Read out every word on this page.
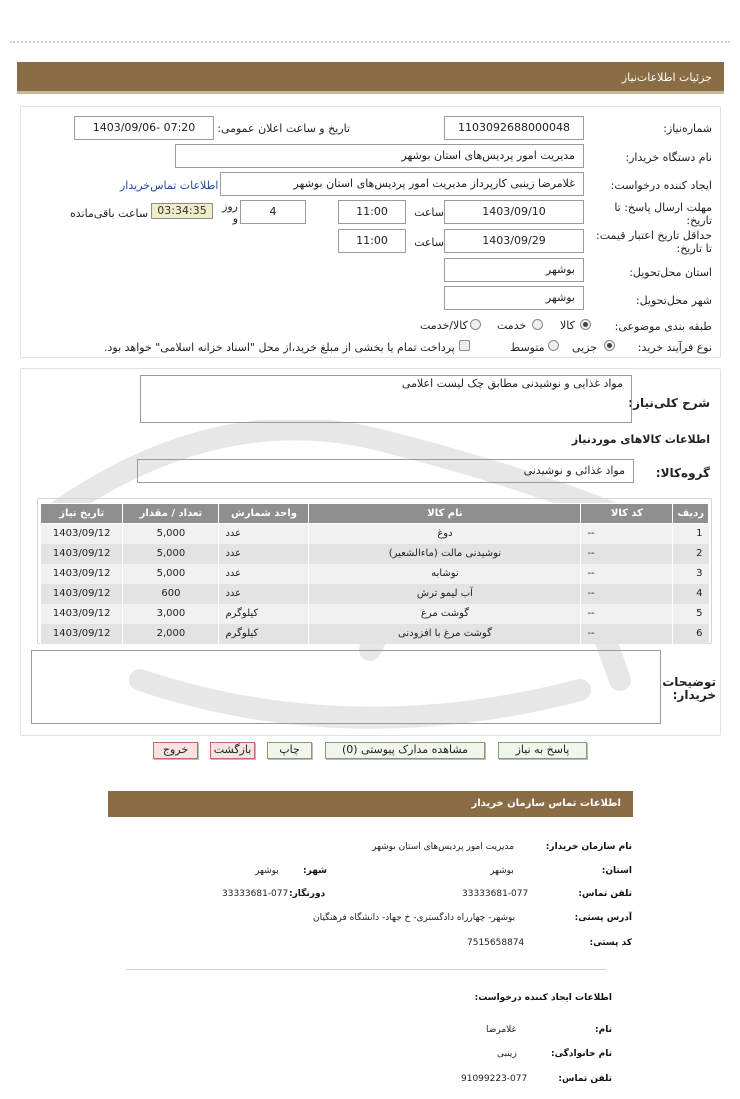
جزئیات اطلاعات‌نیاز
شماره‌نیاز:
1103092688000048
تاریخ و ساعت اعلان عمومی:
1403/09/06- 07:20
نام دستگاه خریدار:
مدیریت امور پردیس‌های استان بوشهر
ایجاد کننده درخواست:
غلامرضا زینبی کارپرداز مدیریت امور پردیس‌های استان بوشهر
اطلاعات تماس‌خریدار
مهلت ارسال پاسخ: تا تاریخ:
1403/09/10
ساعت
11:00
4
روز و
03:34:35
ساعت باقی‌مانده
حداقل تاریخ اعتبار قیمت: تا تاریخ:
1403/09/29
ساعت
11:00
استان محل‌تحویل:
بوشهر
شهر محل‌تحویل:
بوشهر
طبقه بندی موضوعی:
کالا
خدمت
کالا/خدمت
نوع فرآیند خرید:
جزیی
متوسط
پرداخت تمام یا بخشی از مبلغ خرید،از محل "اسناد خزانه اسلامی" خواهد بود.
شرح کلی‌نیاز:
مواد غذایی و نوشیدنی مطابق چک لیست اعلامی
اطلاعات کالاهای موردنیاز
گروه‌کالا:
مواد غذائی و نوشیدنی
ردیف	کد کالا	نام کالا	واحد شمارش	تعداد / مقدار	تاریخ نیاز
1	--	دوغ	عدد	5,000	1403/09/12
2	--	نوشیدنی مالت (ماءالشعیر)	عدد	5,000	1403/09/12
3	--	نوشابه	عدد	5,000	1403/09/12
4	--	آب لیمو ترش	عدد	600	1403/09/12
5	--	گوشت مرغ	کیلوگرم	3,000	1403/09/12
6	--	گوشت مرغ با افزودنی	کیلوگرم	2,000	1403/09/12
توضیحات خریدار:
پاسخ به نیاز
مشاهده مدارک پیوستی (0)
چاپ
بازگشت
خروج
اطلاعات تماس سازمان خریدار
نام سازمان خریدار:
مدیریت امور پردیس‌های استان بوشهر
استان:
بوشهر
شهر:
بوشهر
تلفن تماس:
33333681-077
دورنگار:
33333681-077
آدرس پستی:
بوشهر- چهارراه دادگستری- خ جهاد- دانشگاه فرهنگیان
کد پستی:
7515658874
اطلاعات ایجاد کننده درخواست:
نام:
غلامرضا
نام خانوادگی:
زینبی
تلفن تماس:
91099223-077
